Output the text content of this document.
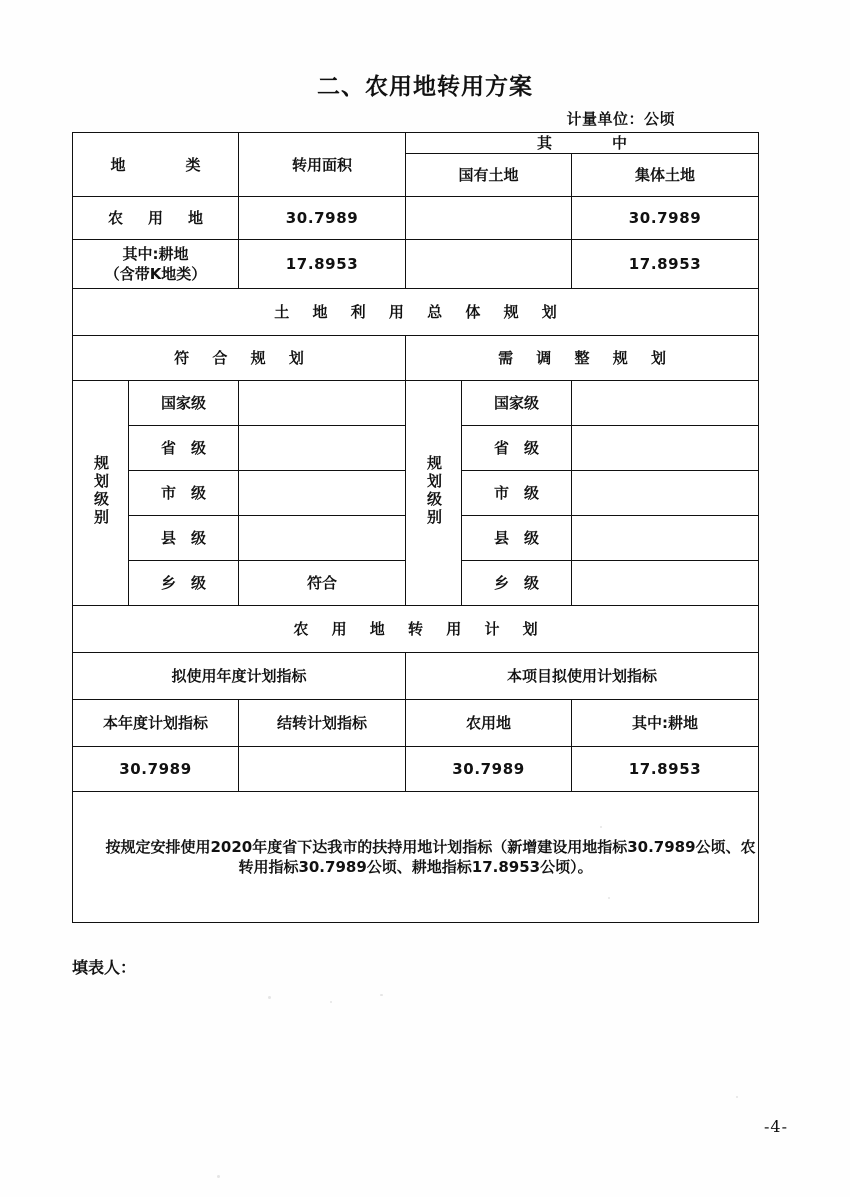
二、农用地转用方案
计量单位：公顷
地　　类		转用面积	其　　中		
			国有土地		集体土地
农　用　地		30.7989			30.7989
其中:耕地
（含带K地类）		17.8953			17.8953
土 地 利 用 总 体 规 划					
符 合 规 划			需 调 整 规 划		
规划级别	国家级		规划级别	国家级	
	省　级			省　级	
	市　级			市　级	
	县　级			县　级	
	乡　级	符合		乡　级	
农 用 地 转 用 计 划					
拟使用年度计划指标			本项目拟使用计划指标		
本年度计划指标		结转计划指标	农用地		其中:耕地
30.7989			30.7989		17.8953

按规定安排使用2020年度省下达我市的扶持用地计划指标（新增建设用地指标30.7989公顷、农转用指标30.7989公顷、耕地指标17.8953公顷）。					

填表人：
-4-
